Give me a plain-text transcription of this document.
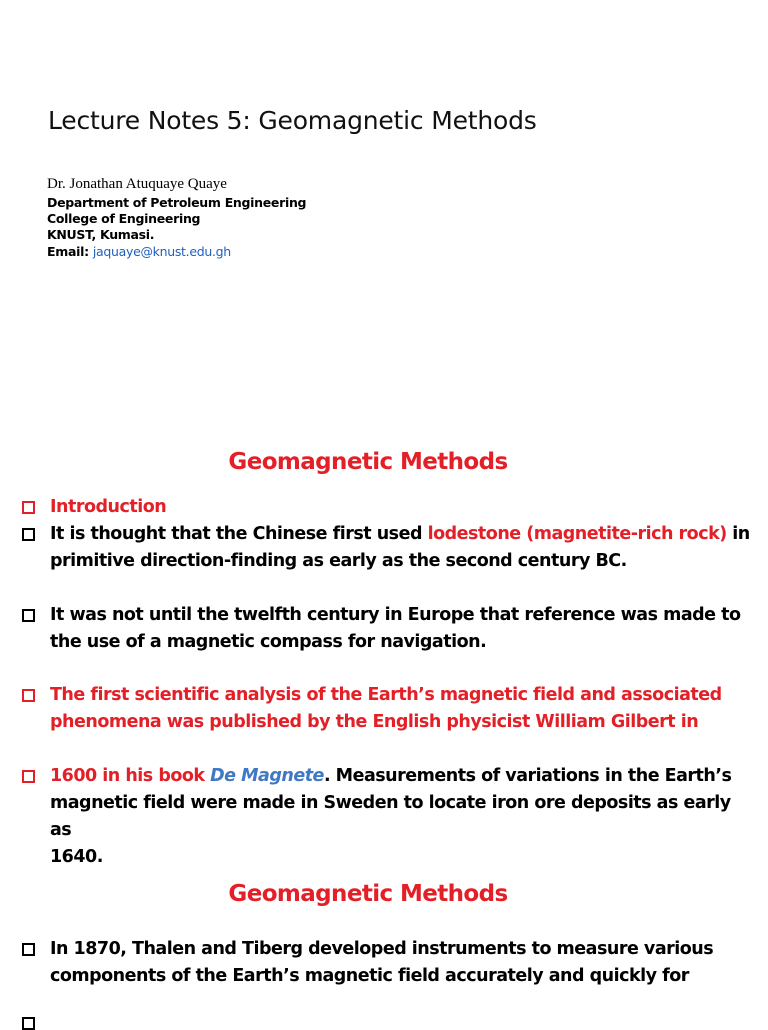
Lecture Notes 5: Geomagnetic Methods
Dr. Jonathan Atuquaye Quaye
Department of Petroleum Engineering
College of Engineering
KNUST, Kumasi.
Email: jaquaye@knust.edu.gh
Geomagnetic Methods
Introduction
It is thought that the Chinese first used lodestone (magnetite-rich rock) in
primitive direction-finding as early as the second century BC.
It was not until the twelfth century in Europe that reference was made to
the use of a magnetic compass for navigation.
The first scientific analysis of the Earth’s magnetic field and associated
phenomena was published by the English physicist William Gilbert in
1600 in his book De Magnete. Measurements of variations in the Earth’s
magnetic field were made in Sweden to locate iron ore deposits as early as
1640.
Geomagnetic Methods
In 1870, Thalen and Tiberg developed instruments to measure various
components of the Earth’s magnetic field accurately and quickly for
